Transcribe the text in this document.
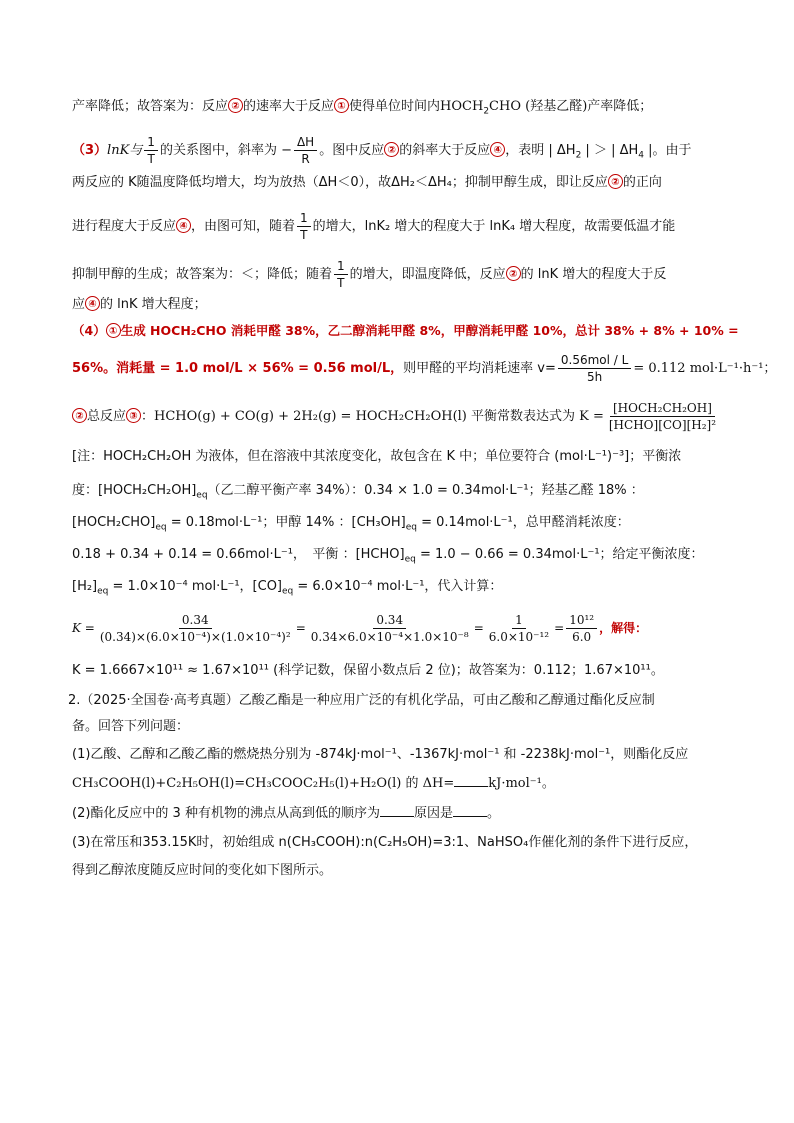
产率降低；故答案为：反应 ② 的速率大于反应 ① 使得单位时间内$HOCH_2CHO$ (羟基乙醛)产率降低；
（3）lnK与 $\frac{1}{T}$ 的关系图中，斜率为 − $\frac{\Delta H}{R}$ 。图中反应 ② 的斜率大于反应 ④ ，表明 | $\Delta H_2$ | ＞ | $\Delta H_4$ |。由于
两反应的 K随温度降低均增大，均为放热（ΔH＜0），故ΔH₂＜ΔH₄；抑制甲醇生成，即让反应 ② 的正向
进行程度大于反应 ④ ，由图可知，随着 $\frac{1}{T}$ 的增大，lnK₂ 增大的程度大于 lnK₄ 增大程度，故需要低温才能
抑制甲醇的生成；故答案为：＜；降低；随着 $\frac{1}{T}$ 的增大，即温度降低，反应 ② 的 lnK 增大的程度大于反
应 ④ 的 lnK 增大程度；
（4） ① 生成 HOCH₂CHO 消耗甲醛 38%，乙二醇消耗甲醛 8%，甲醇消耗甲醛 10%，总计 38% + 8% + 10% =
56%。消耗量 = 1.0 mol/L × 56% = 0.56 mol/L，则甲醛的平均消耗速率 $v= \frac{\text{0.56mol / L}}{5h} = 0.112$ mol·L⁻¹·h⁻¹；
② 总反应 ③ ：HCHO(g) + CO(g) + 2H₂(g) = HOCH₂CH₂OH(l) 平衡常数表达式为 $K = \frac{\text{[HOCH₂CH₂OH]}}{\text{[HCHO][CO][H₂]²}}$
[注：HOCH₂CH₂OH 为液体，但在溶液中其浓度变化，故包含在 K 中；单位要符合 (mol·L⁻¹)⁻³]；平衡浓
度：$[HOCH_2CH_2OH]_{eq}$（乙二醇平衡产率 34%）：0.34 × 1.0 = 0.34mol·L⁻¹；羟基乙醛 18% ：
$[HOCH_2CHO]_{eq} = 0.18mol\cdot L^{-1}$；甲醇 14% ：$[CH_3OH]_{eq} = 0.14mol\cdot L^{-1}$，总甲醛消耗浓度：
0.18 + 0.34 + 0.14 = 0.66mol·L⁻¹，　平衡 ：$[HCHO]_{eq} = 1.0 - 0.66 = 0.34mol\cdot L^{-1}$；给定平衡浓度：
$[H_2]_{eq} = 1.0\times 10^{-4}$ mol·L⁻¹，$[CO]_{eq} = 6.0\times 10^{-4}$ mol·L⁻¹，代入计算：
$K = \frac{0.34}{\text{(0.34)×(6.0×10⁻⁴)×(1.0×10⁻⁴)²}} = \frac{0.34}{\text{0.34×6.0×10⁻⁴×1.0×10⁻⁸}} = \frac{1}{\text{6.0×10⁻¹²}} = \frac{\text{10¹²}}{6.0}$ ，解得：
K = 1.6667×10¹¹ ≈ 1.67×10¹¹ (科学记数，保留小数点后 2 位)；故答案为：0.112；1.67×10¹¹。
2.（2025·全国卷·高考真题）乙酸乙酯是一种应用广泛的有机化学品，可由乙酸和乙醇通过酯化反应制
备。回答下列问题：
(1)乙酸、乙醇和乙酸乙酯的燃烧热分别为 -874kJ·mol⁻¹、-1367kJ·mol⁻¹ 和 -2238kJ·mol⁻¹，则酯化反应
CH₃COOH(l)+C₂H₅OH(l)=CH₃COOC₂H₅(l)+H₂O(l) 的 ΔH=	kJ·mol⁻¹。
(2)酯化反应中的 3 种有机物的沸点从高到低的顺序为	原因是	。
(3)在常压和353.15K时，初始组成 n(CH₃COOH):n(C₂H₅OH)=3:1、NaHSO₄作催化剂的条件下进行反应，
得到乙醇浓度随反应时间的变化如下图所示。
